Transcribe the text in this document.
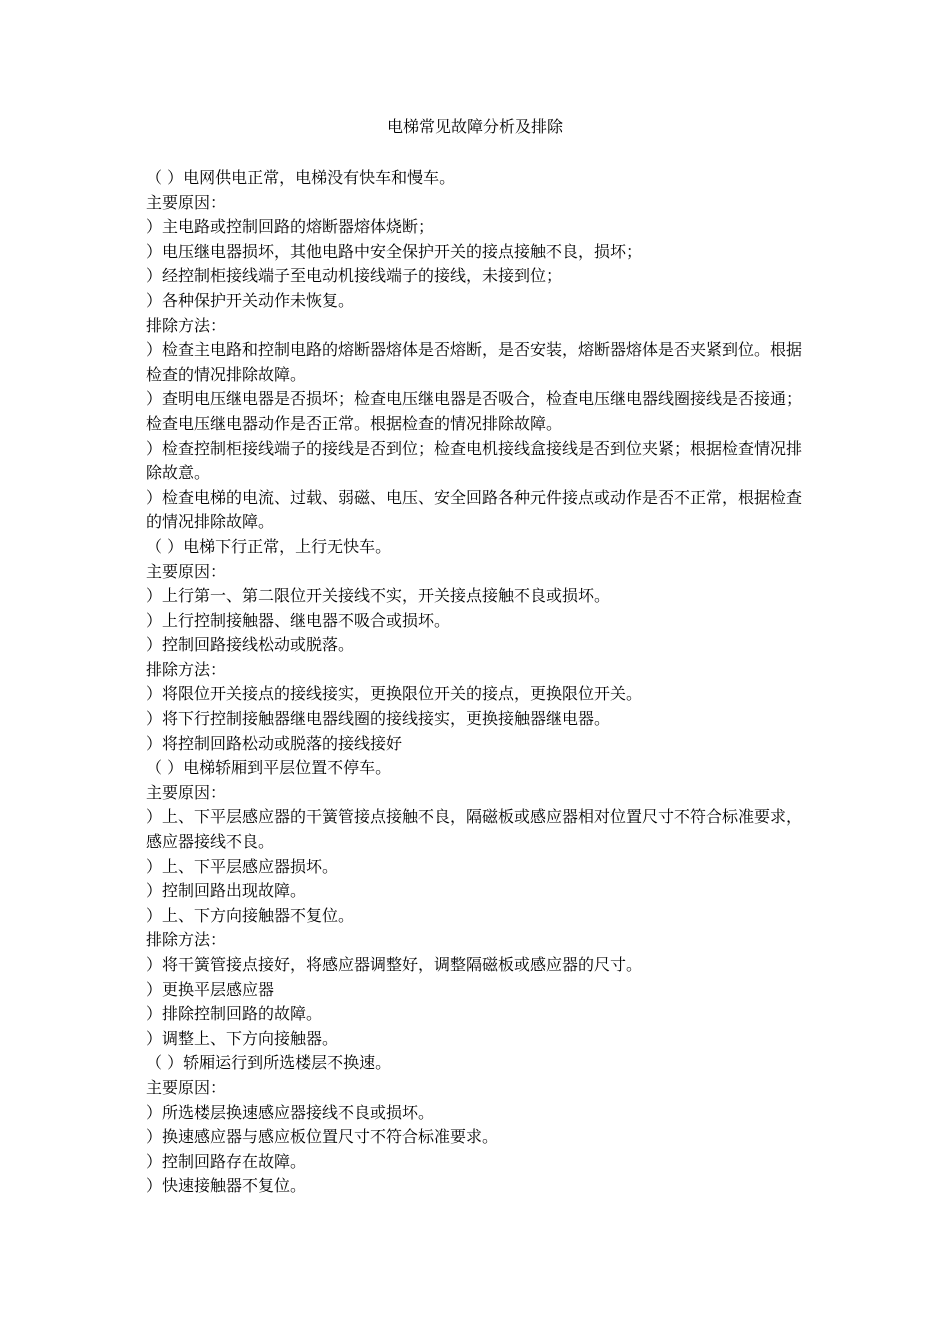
电梯常见故障分析及排除
（ ）电网供电正常，电梯没有快车和慢车。
主要原因：
）主电路或控制回路的熔断器熔体烧断；
）电压继电器损坏，其他电路中安全保护开关的接点接触不良，损坏；
）经控制柜接线端子至电动机接线端子的接线，未接到位；
）各种保护开关动作未恢复。
排除方法：
）检查主电路和控制电路的熔断器熔体是否熔断，是否安装，熔断器熔体是否夹紧到位。根据检查的情况排除故障。
）查明电压继电器是否损坏；检查电压继电器是否吸合，检查电压继电器线圈接线是否接通；检查电压继电器动作是否正常。根据检查的情况排除故障。
）检查控制柜接线端子的接线是否到位；检查电机接线盒接线是否到位夹紧；根据检查情况排除故意。
）检查电梯的电流、过载、弱磁、电压、安全回路各种元件接点或动作是否不正常，根据检查的情况排除故障。
（ ）电梯下行正常，上行无快车。
主要原因：
）上行第一、第二限位开关接线不实，开关接点接触不良或损坏。
）上行控制接触器、继电器不吸合或损坏。
）控制回路接线松动或脱落。
排除方法：
）将限位开关接点的接线接实，更换限位开关的接点，更换限位开关。
）将下行控制接触器继电器线圈的接线接实，更换接触器继电器。
）将控制回路松动或脱落的接线接好
（ ）电梯轿厢到平层位置不停车。
主要原因：
）上、下平层感应器的干簧管接点接触不良，隔磁板或感应器相对位置尺寸不符合标准要求，感应器接线不良。
）上、下平层感应器损坏。
）控制回路出现故障。
）上、下方向接触器不复位。
排除方法：
）将干簧管接点接好，将感应器调整好，调整隔磁板或感应器的尺寸。
）更换平层感应器
）排除控制回路的故障。
）调整上、下方向接触器。
（ ）轿厢运行到所选楼层不换速。
主要原因：
）所选楼层换速感应器接线不良或损坏。
）换速感应器与感应板位置尺寸不符合标准要求。
）控制回路存在故障。
）快速接触器不复位。
